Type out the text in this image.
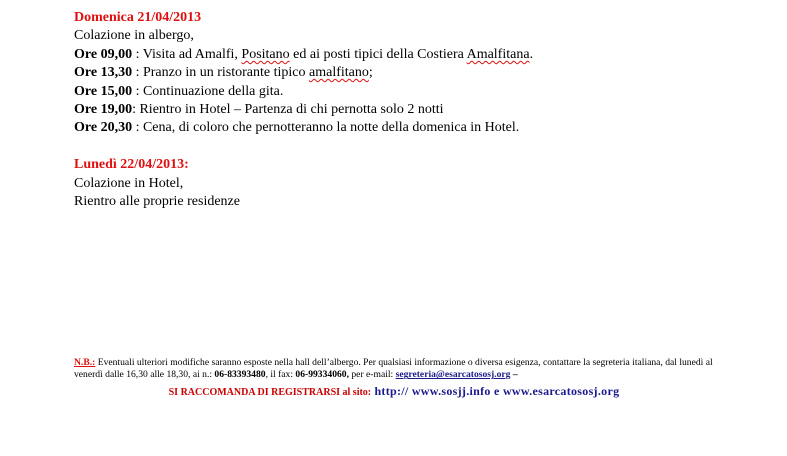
Domenica 21/04/2013
Colazione in albergo,
Ore 09,00 : Visita ad Amalfi, Positano ed ai posti tipici della Costiera Amalfitana.
Ore 13,30 : Pranzo in un ristorante tipico amalfitano;
Ore 15,00 : Continuazione della gita.
Ore 19,00: Rientro in Hotel – Partenza di chi pernotta solo 2 notti
Ore 20,30 : Cena, di coloro che pernotteranno la notte della domenica in Hotel.
Lunedì 22/04/2013:
Colazione in Hotel,
Rientro alle proprie residenze
N.B.: Eventuali ulteriori modifiche saranno esposte nella hall dell’albergo. Per qualsiasi informazione o diversa esigenza, contattare la segreteria italiana, dal lunedì al venerdì dalle 16,30 alle 18,30, ai n.: 06-83393480, il fax: 06-99334060, per e-mail: segreteria@esarcatososj.org –
SI RACCOMANDA DI REGISTRARSI al sito: http:// www.sosjj.info e www.esarcatososj.org
